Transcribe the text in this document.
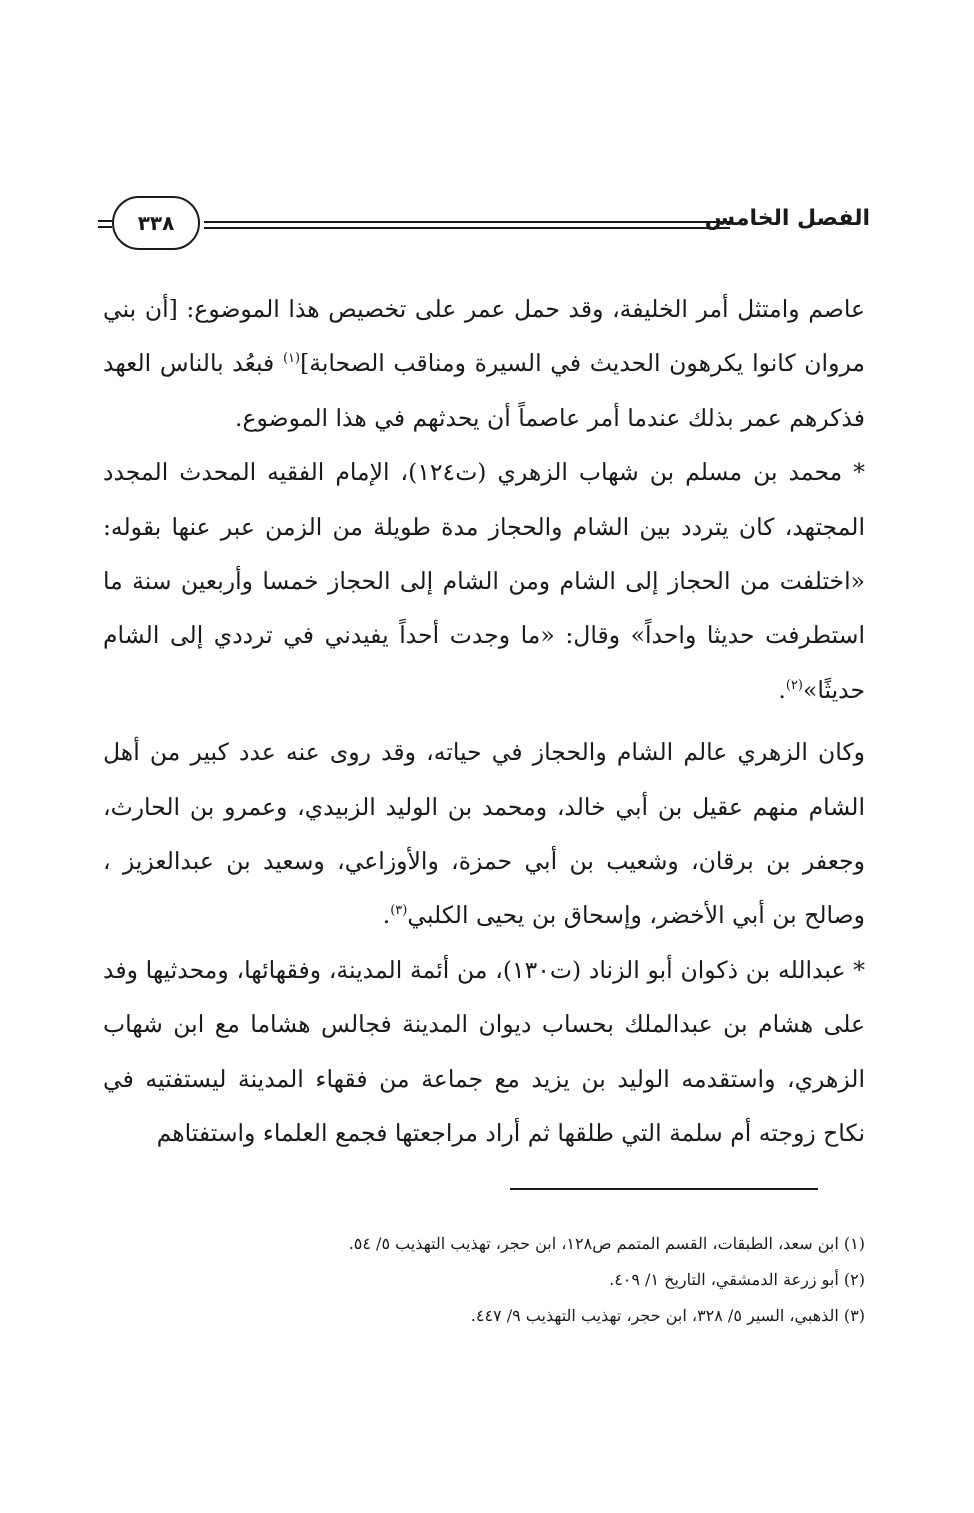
٣٣٨	الفصل الخامس

عاصم وامتثل أمر الخليفة، وقد حمل عمر على تخصيص هذا الموضوع: [أن بني مروان كانوا يكرهون الحديث في السيرة ومناقب الصحابة]$^{(١)}$ فبعُد بالناس العهد فذكرهم عمر بذلك عندما أمر عاصماً أن يحدثهم في هذا الموضوع.

* محمد بن مسلم بن شهاب الزهري (ت١٢٤)، الإمام الفقيه المحدث المجدد المجتهد، كان يتردد بين الشام والحجاز مدة طويلة من الزمن عبر عنها بقوله: «اختلفت من الحجاز إلى الشام ومن الشام إلى الحجاز خمسا وأربعين سنة ما استطرفت حديثا واحداً» وقال: «ما وجدت أحداً يفيدني في ترددي إلى الشام حديثًا»$^{(٢)}$.

وكان الزهري عالم الشام والحجاز في حياته، وقد روى عنه عدد كبير من أهل الشام منهم عقيل بن أبي خالد، ومحمد بن الوليد الزبيدي، وعمرو بن الحارث، وجعفر بن برقان، وشعيب بن أبي حمزة، والأوزاعي، وسعيد بن عبدالعزيز ، وصالح بن أبي الأخضر، وإسحاق بن يحيى الكلبي$^{(٣)}$.

* عبدالله بن ذكوان أبو الزناد (ت١٣٠)، من أئمة المدينة، وفقهائها، ومحدثيها وفد على هشام بن عبدالملك بحساب ديوان المدينة فجالس هشاما مع ابن شهاب الزهري، واستقدمه الوليد بن يزيد مع جماعة من فقهاء المدينة ليستفتيه في نكاح زوجته أم سلمة التي طلقها ثم أراد مراجعتها فجمع العلماء واستفتاهم

(١) ابن سعد، الطبقات، القسم المتمم ص١٢٨، ابن حجر، تهذيب التهذيب ٥/ ٥٤.

(٢) أبو زرعة الدمشقي، التاريخ ١/ ٤٠٩.

(٣) الذهبي، السير ٥/ ٣٢٨، ابن حجر، تهذيب التهذيب ٩/ ٤٤٧.
